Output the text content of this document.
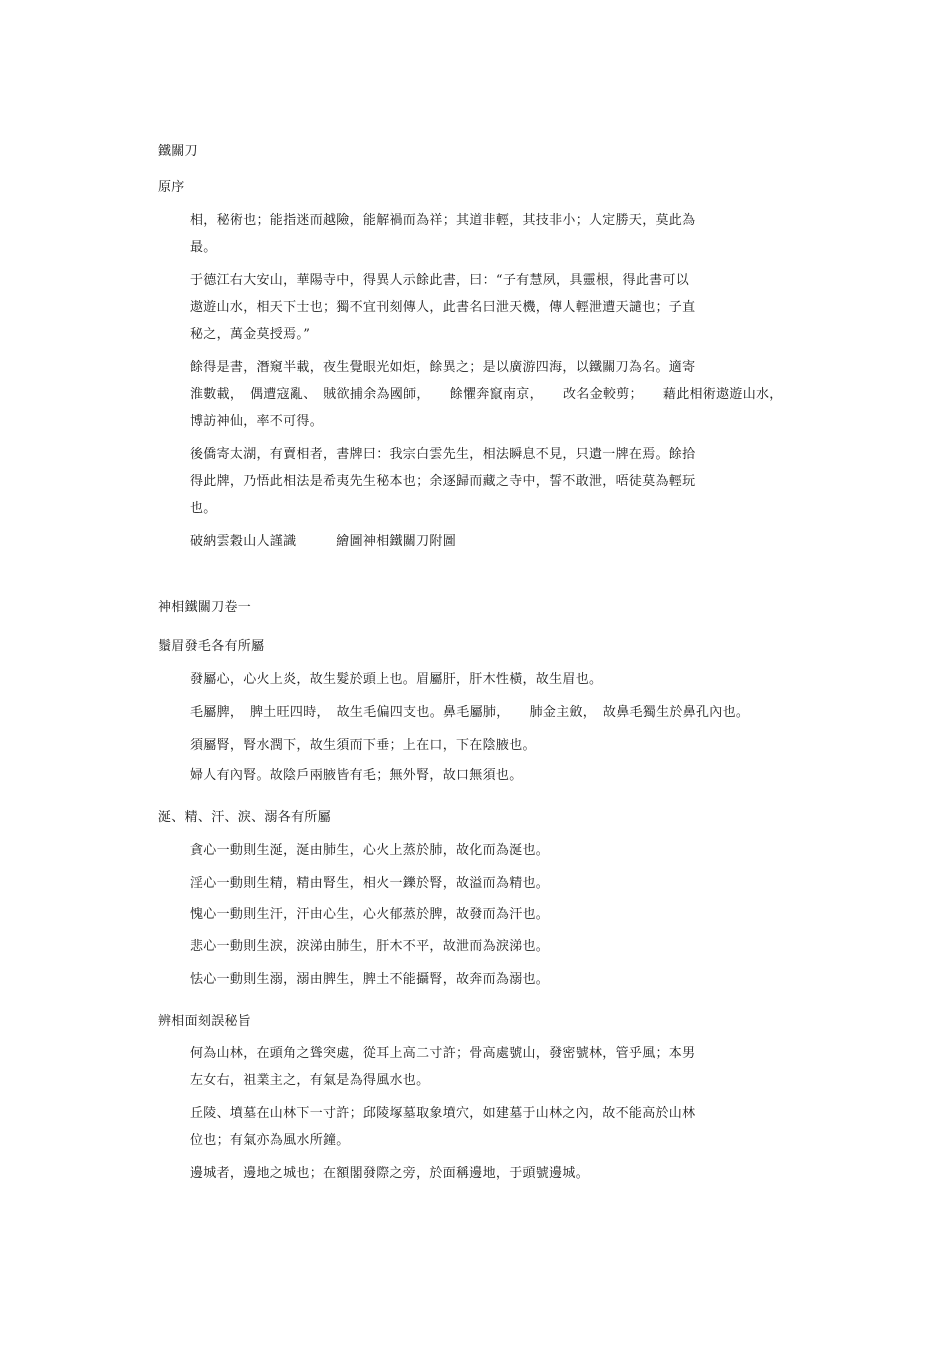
鐵關刀
原序
相，秘術也；能指迷而越險，能解禍而為祥；其道非輕，其技非小；人定勝天，莫此為
最。
于德江右大安山，華陽寺中，得異人示餘此書，曰：“子有慧夙，具靈根，得此書可以
遨遊山水，相天下士也；獨不宜刊刻傳人，此書名曰泄天機，傳人輕泄遭天譴也；子直
秘之，萬金莫授焉。”
餘得是書，潛窺半載，夜生覺眼光如炬，餘異之；是以廣游四海，以鐵關刀為名。適寄
淮數載，　偶遭寇亂、　賊欲捕余為國師，　　餘懼奔竄南京，　　改名金較剪；　　藉此相術遨遊山水，
博訪神仙，率不可得。
後僑寄太湖，有賣相者，書牌曰：我宗白雲先生，相法瞬息不見，只遺一牌在焉。餘拾
得此牌，乃悟此相法是希夷先生秘本也；余逐歸而藏之寺中，誓不敢泄，唔徒莫為輕玩
也。
破納雲穀山人謹識　　　繪圖神相鐵關刀附圖
神相鐵關刀卷一
鬚眉發毛各有所屬
發屬心，心火上炎，故生髮於頭上也。眉屬肝，肝木性橫，故生眉也。
毛屬脾，　脾土旺四時，　故生毛偏四支也。鼻毛屬肺，　　肺金主斂，　故鼻毛獨生於鼻孔內也。
須屬腎，腎水潤下，故生須而下垂；上在口，下在陰腋也。
婦人有內腎。故陰戶兩腋皆有毛；無外腎，故口無須也。
涎、精、汗、淚、溺各有所屬
貪心一動則生涎，涎由肺生，心火上蒸於肺，故化而為涎也。
淫心一動則生精，精由腎生，相火一鑠於腎，故溢而為精也。
愧心一動則生汗，汗由心生，心火郁蒸於脾，故發而為汗也。
悲心一動則生淚，淚涕由肺生，肝木不平，故泄而為淚涕也。
怯心一動則生溺，溺由脾生，脾土不能攝腎，故奔而為溺也。
辨相面刻誤秘旨
何為山林，在頭角之聳突處，從耳上高二寸許；骨高處號山，發密號林，管乎風；本男
左女右，祖業主之，有氣是為得風水也。
丘陵、墳墓在山林下一寸許；邱陵塚墓取象墳穴，如建墓于山林之內，故不能高於山林
位也；有氣亦為風水所鐘。
邊城者，邊地之城也；在額閣發際之旁，於面稱邊地，于頭號邊城。
